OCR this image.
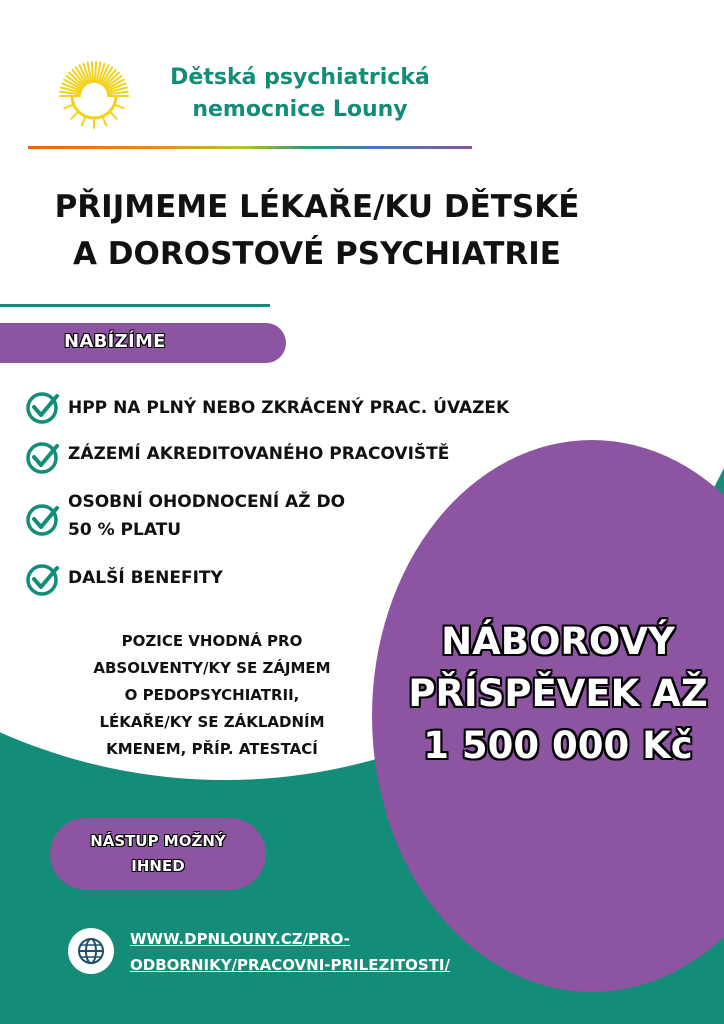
Dětská psychiatrická
nemocnice Louny
PŘIJMEME LÉKAŘE/KU DĚTSKÉ
A DOROSTOVÉ PSYCHIATRIE
NABÍZÍME
HPP NA PLNÝ NEBO ZKRÁCENÝ PRAC. ÚVAZEK
ZÁZEMÍ AKREDITOVANÉHO PRACOVIŠTĚ
OSOBNÍ OHODNOCENÍ AŽ DO
50 % PLATU
DALŠÍ BENEFITY
POZICE VHODNÁ PRO
ABSOLVENTY/KY SE ZÁJMEM
O PEDOPSYCHIATRII,
LÉKAŘE/KY SE ZÁKLADNÍM
KMENEM, PŘÍP. ATESTACÍ
NÁBOROVÝ
PŘÍSPĚVEK AŽ
1 500 000 Kč
NÁSTUP MOŽNÝ
IHNED
WWW.DPNLOUNY.CZ/PRO-
ODBORNIKY/PRACOVNI-PRILEZITOSTI/
